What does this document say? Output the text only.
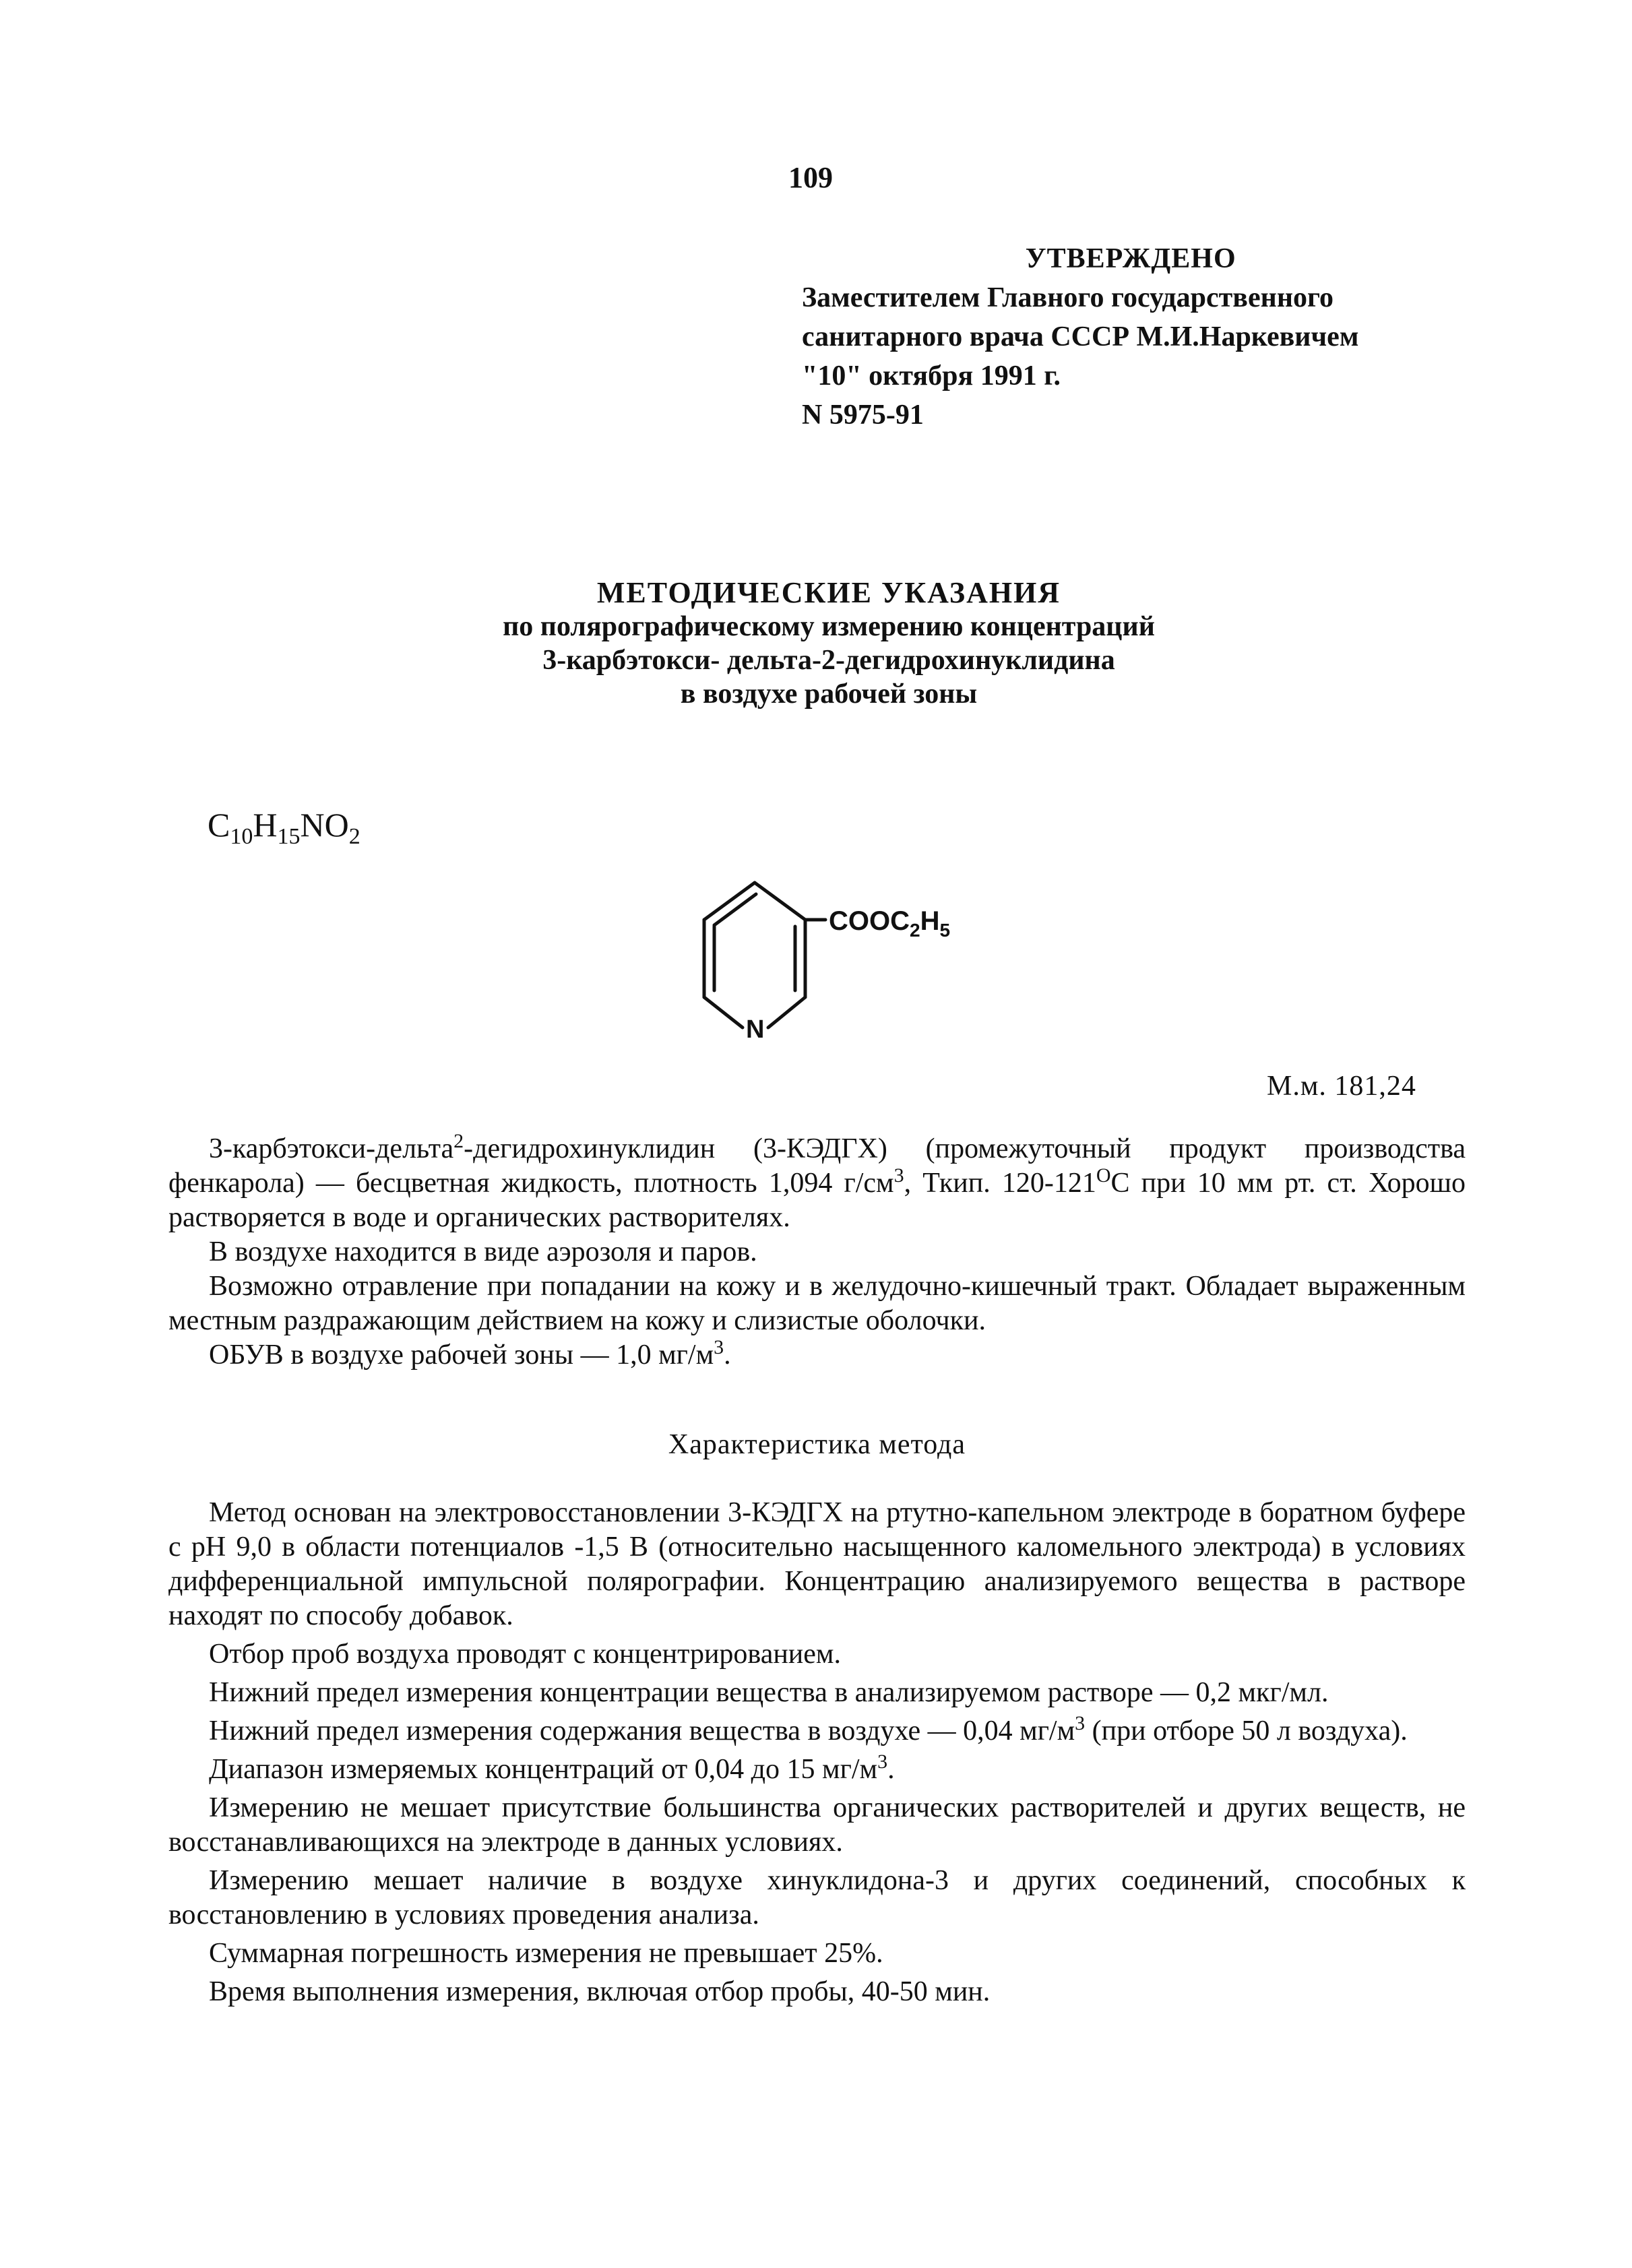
109
УТВЕРЖДЕНО
Заместителем Главного государственного
санитарного врача СССР М.И.Наркевичем
"10" октября 1991 г.
N 5975-91
МЕТОДИЧЕСКИЕ УКАЗАНИЯ
по полярографическому измерению концентраций
3-карбэтокси- дельта-2-дегидрохинуклидина
в воздухе рабочей зоны
$C_{10}H_{15}NO_2$
N
$COOC_2H_5$
М.м. 181,24

3-карбэтокси-дельта$^2$-дегидрохинуклидин (3-КЭДГХ) (промежуточный продукт производства фенкарола) — бесцветная жидкость, плотность 1,094 $г/см^3$, Ткип. $120-121^ОС$ при 10 мм рт. ст. Хорошо растворяется в воде и органических растворителях.

В воздухе находится в виде аэрозоля и паров.

Возможно отравление при попадании на кожу и в желудочно-кишечный тракт. Обладает выраженным местным раздражающим действием на кожу и слизистые оболочки.

ОБУВ в воздухе рабочей зоны — 1,0 $мг/м^3$.

Характеристика метода

Метод основан на электровосстановлении 3-КЭДГХ на ртутно-капельном электроде в боратном буфере с рН 9,0 в области потенциалов -1,5 В (относительно насыщенного каломельного электрода) в условиях дифференциальной импульсной полярографии. Концентрацию анализируемого вещества в растворе находят по способу добавок.

Отбор проб воздуха проводят с концентрированием.

Нижний предел измерения концентрации вещества в анализируемом растворе — 0,2 мкг/мл.

Нижний предел измерения содержания вещества в воздухе — 0,04 $мг/м^3$ (при отборе 50 л воздуха).

Диапазон измеряемых концентраций от 0,04 до 15 $мг/м^3$.

Измерению не мешает присутствие большинства органических растворителей и других веществ, не восстанавливающихся на электроде в данных условиях.

Измерению мешает наличие в воздухе хинуклидона-3 и других соединений, способных к восстановлению в условиях проведения анализа.

Суммарная погрешность измерения не превышает 25%.

Время выполнения измерения, включая отбор пробы, 40-50 мин.
